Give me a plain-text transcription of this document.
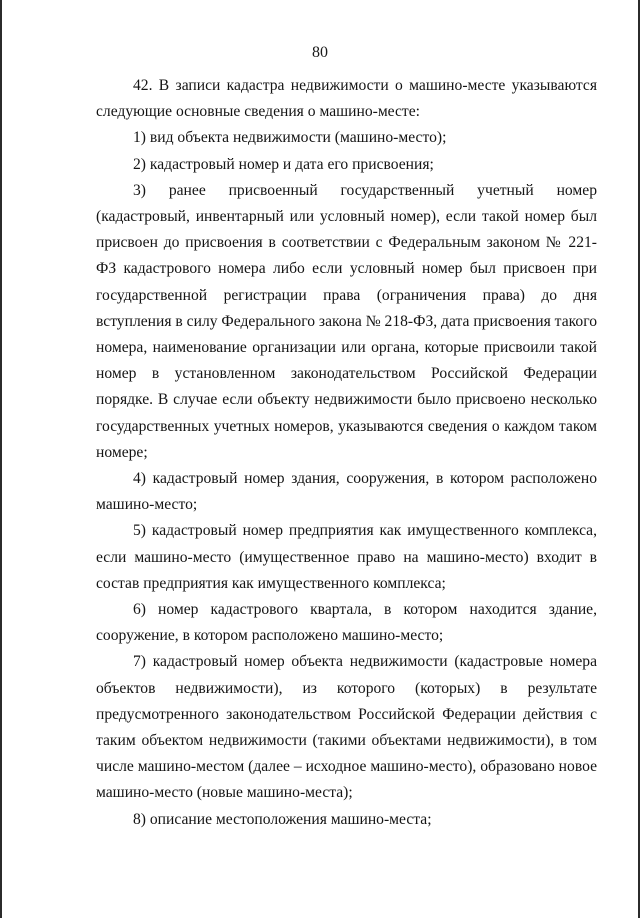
80

42. В записи кадастра недвижимости о машино-месте указываются следующие основные сведения о машино-месте:

1) вид объекта недвижимости (машино-место);

2) кадастровый номер и дата его присвоения;

3) ранее присвоенный государственный учетный номер (кадастровый, инвентарный или условный номер), если такой номер был присвоен до присвоения в соответствии с Федеральным законом № 221-ФЗ кадастрового номера либо если условный номер был присвоен при государственной регистрации права (ограничения права) до дня вступления в силу Федерального закона № 218-ФЗ, дата присвоения такого номера, наименование организации или органа, которые присвоили такой номер в установленном законодательством Российской Федерации порядке. В случае если объекту недвижимости было присвоено несколько государственных учетных номеров, указываются сведения о каждом таком номере;

4) кадастровый номер здания, сооружения, в котором расположено машино-место;

5) кадастровый номер предприятия как имущественного комплекса, если машино-место (имущественное право на машино-место) входит в состав предприятия как имущественного комплекса;

6) номер кадастрового квартала, в котором находится здание, сооружение, в котором расположено машино-место;

7) кадастровый номер объекта недвижимости (кадастровые номера объектов недвижимости), из которого (которых) в результате предусмотренного законодательством Российской Федерации действия с таким объектом недвижимости (такими объектами недвижимости), в том числе машино-местом (далее – исходное машино-место), образовано новое машино-место (новые машино-места);

8) описание местоположения машино-места;
